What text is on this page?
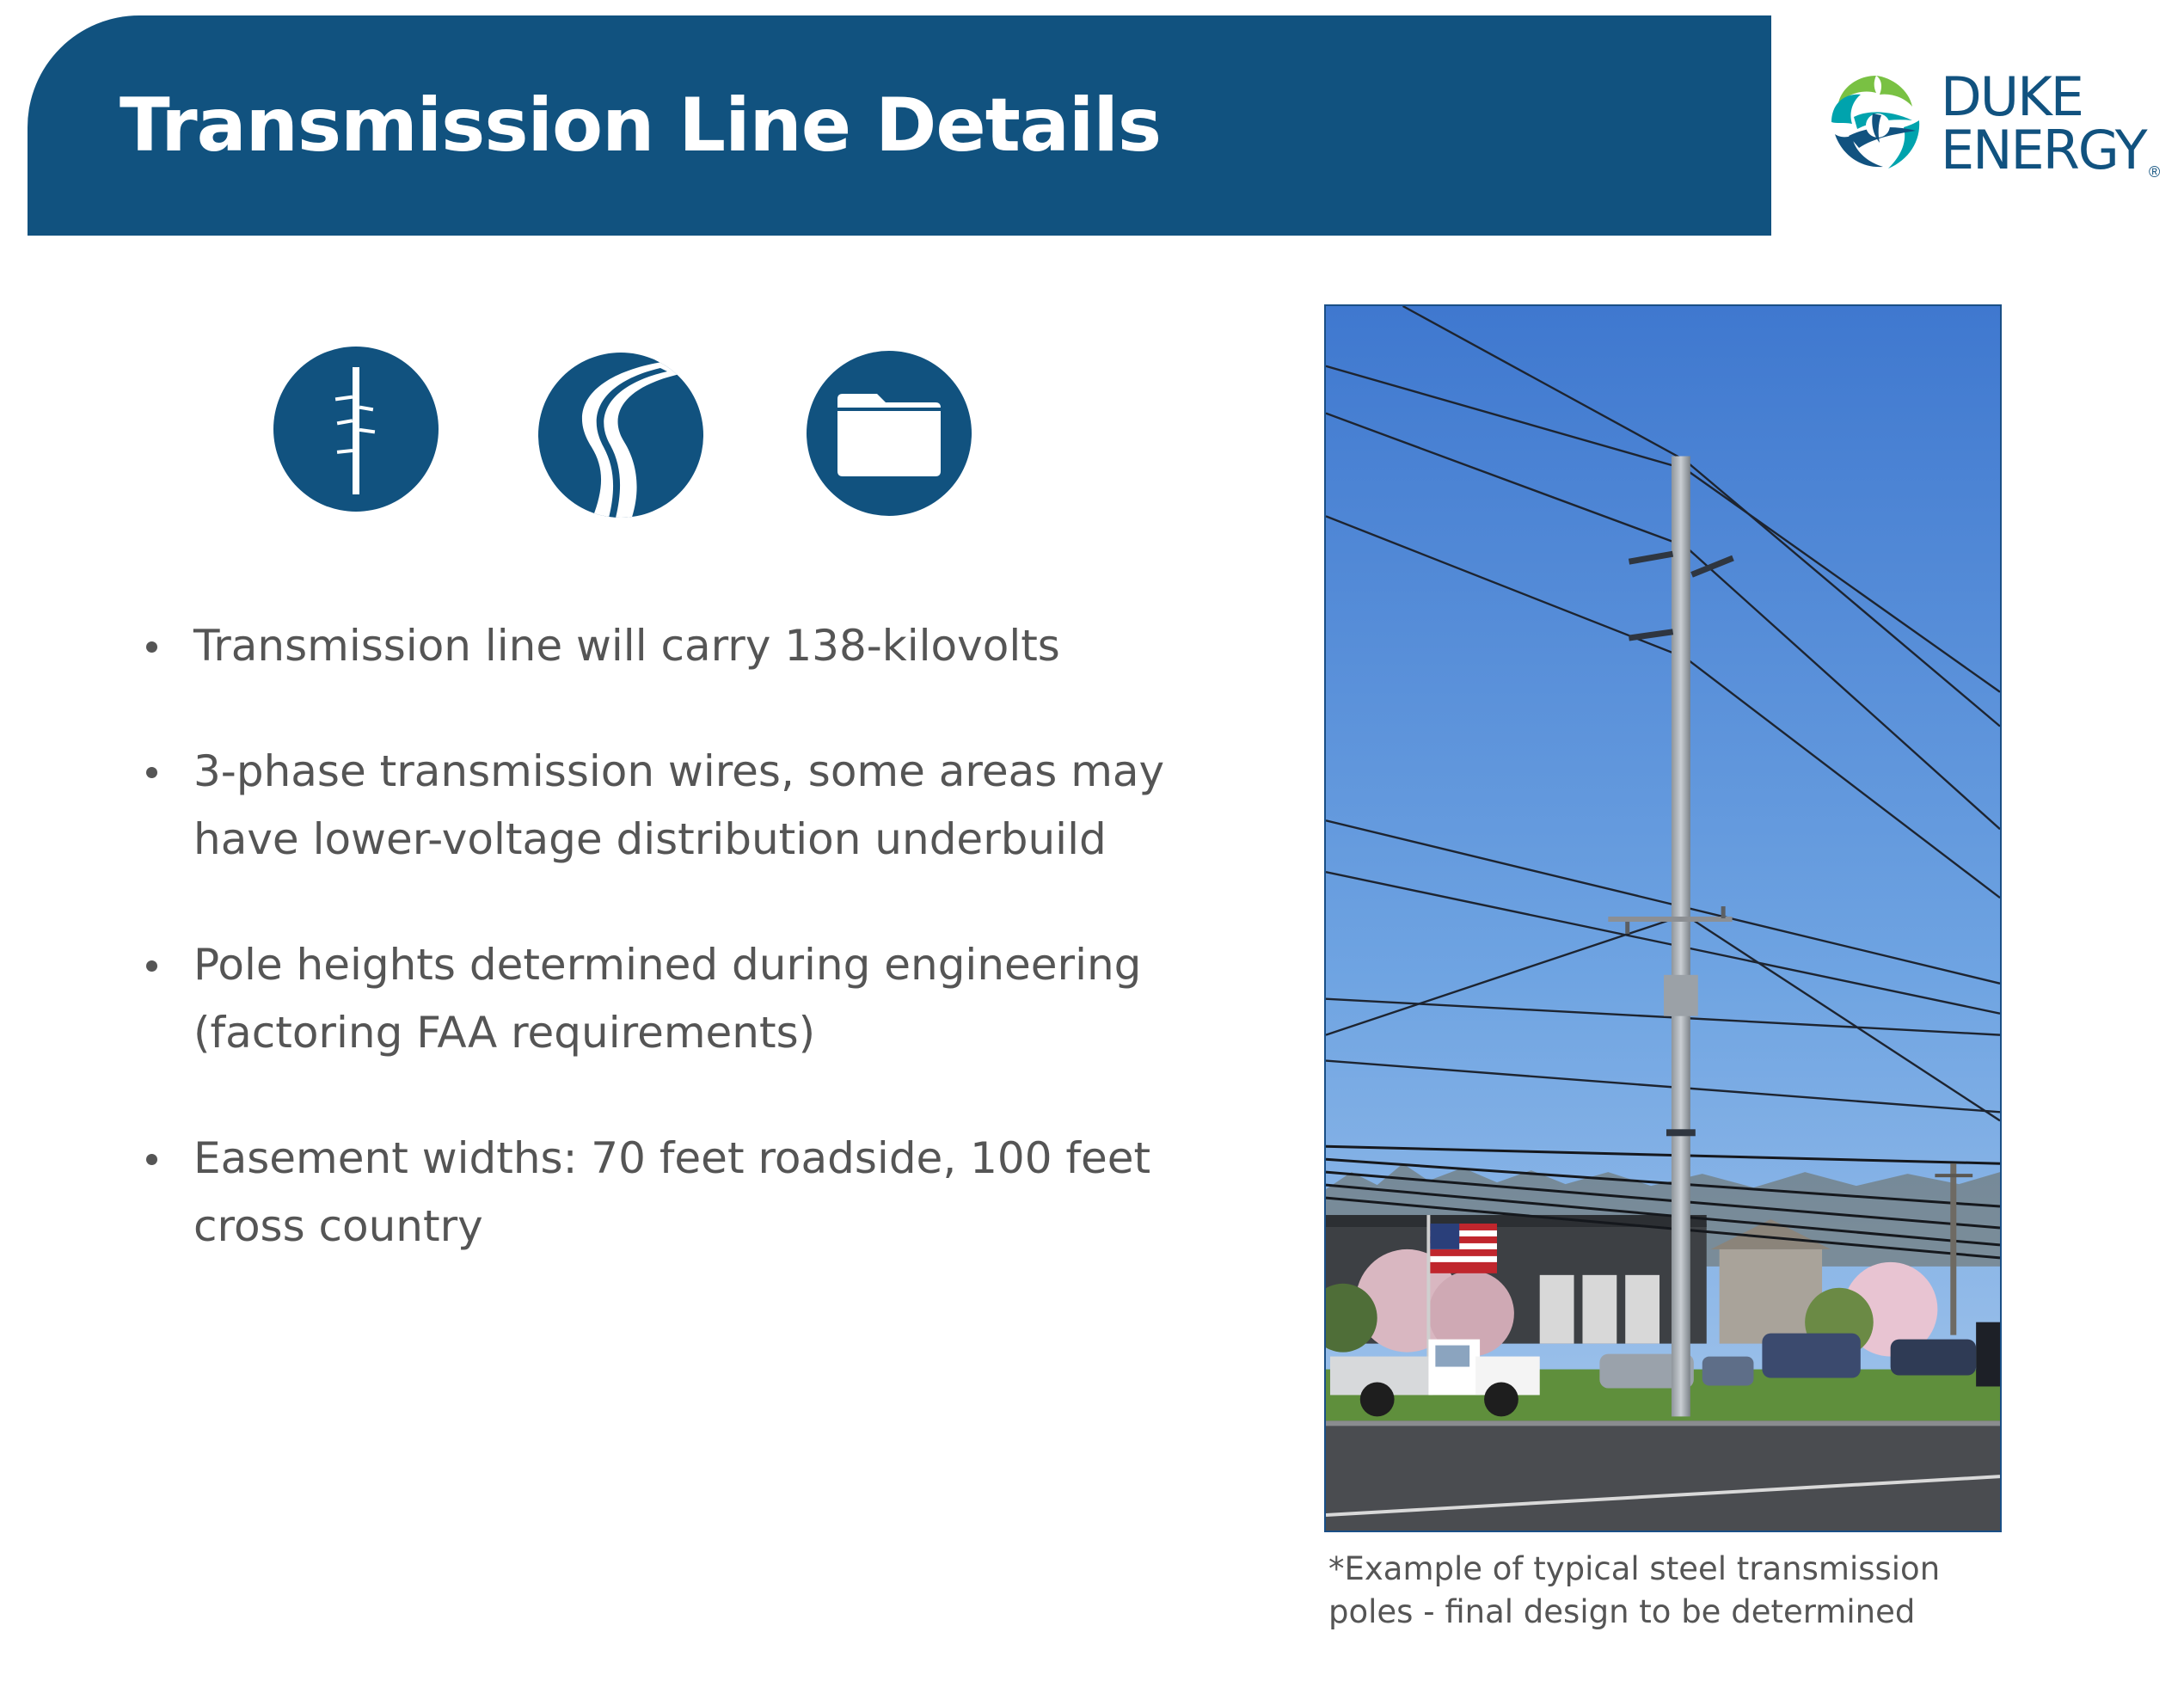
Transmission Line Details	DUKE
ENERGY ®
Transmission line will carry 138-kilovolts
3-phase transmission wires, some areas may have lower-voltage distribution underbuild
Pole heights determined during engineering (factoring FAA requirements)
Easement widths: 70 feet roadside, 100 feet cross country
*Example of typical steel transmission poles - final design to be determined
